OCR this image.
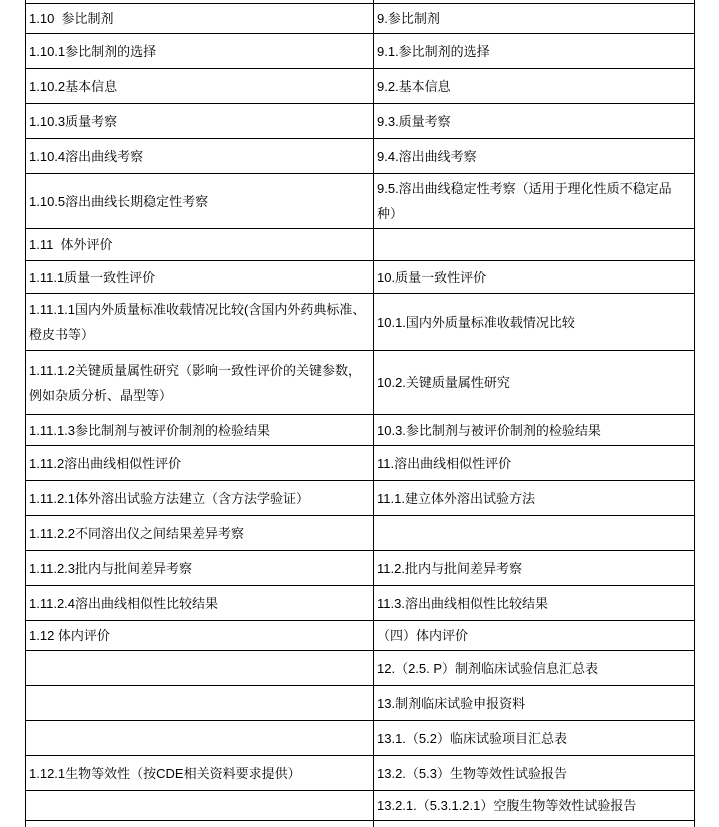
1.10  参比制剂	9.参比制剂
1.10.1参比制剂的选择	9.1.参比制剂的选择
1.10.2基本信息	9.2.基本信息
1.10.3质量考察	9.3.质量考察
1.10.4溶出曲线考察	9.4.溶出曲线考察
1.10.5溶出曲线长期稳定性考察	9.5.溶出曲线稳定性考察（适用于理化性质不稳定品种）
1.11  体外评价	
1.11.1质量一致性评价	10.质量一致性评价
1.11.1.1国内外质量标准收载情况比较(含国内外药典标准、橙皮书等）	10.1.国内外质量标准收载情况比较
1.11.1.2关键质量属性研究（影响一致性评价的关键参数，例如杂质分析、晶型等）	10.2.关键质量属性研究
1.11.1.3参比制剂与被评价制剂的检验结果	10.3.参比制剂与被评价制剂的检验结果
1.11.2溶出曲线相似性评价	11.溶出曲线相似性评价
1.11.2.1体外溶出试验方法建立（含方法学验证）	11.1.建立体外溶出试验方法
1.11.2.2不同溶出仪之间结果差异考察	
1.11.2.3批内与批间差异考察	11.2.批内与批间差异考察
1.11.2.4溶出曲线相似性比较结果	11.3.溶出曲线相似性比较结果
1.12 体内评价	（四）体内评价
	12.（2.5. P）制剂临床试验信息汇总表
	13.制剂临床试验申报资料
	13.1.（5.2）临床试验项目汇总表
1.12.1生物等效性（按CDE相关资料要求提供）	13.2.（5.3）生物等效性试验报告
	13.2.1.（5.3.1.2.1）空腹生物等效性试验报告
